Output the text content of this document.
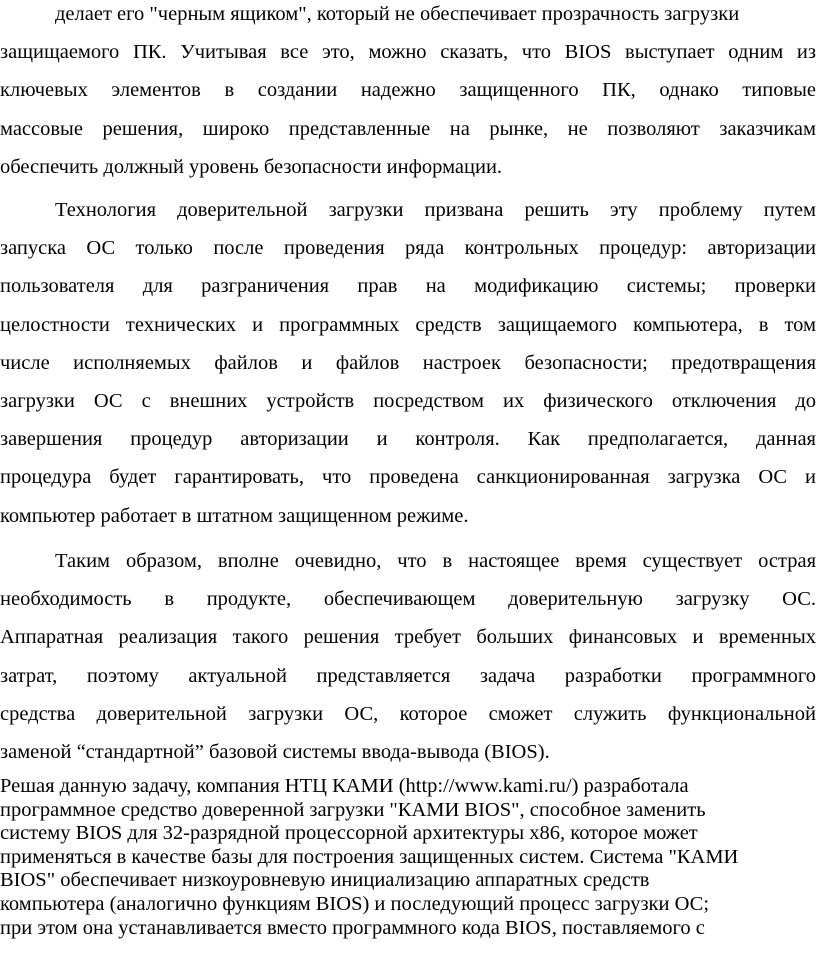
делает его "черным ящиком", который не обеспечивает прозрачность загрузки
защищаемого ПК. Учитывая все это, можно сказать, что BIOS выступает одним из
ключевых элементов в создании надежно защищенного ПК, однако типовые
массовые решения, широко представленные на рынке, не позволяют заказчикам
обеспечить должный уровень безопасности информации.
Технология доверительной загрузки призвана решить эту проблему путем
запуска ОС только после проведения ряда контрольных процедур: авторизации
пользователя для разграничения прав на модификацию системы; проверки
целостности технических и программных средств защищаемого компьютера, в том
числе исполняемых файлов и файлов настроек безопасности; предотвращения
загрузки ОС с внешних устройств посредством их физического отключения до
завершения процедур авторизации и контроля. Как предполагается, данная
процедура будет гарантировать, что проведена санкционированная загрузка ОС и
компьютер работает в штатном защищенном режиме.
Таким образом, вполне очевидно, что в настоящее время существует острая
необходимость в продукте, обеспечивающем доверительную загрузку ОС.
Аппаратная реализация такого решения требует больших финансовых и временных
затрат, поэтому актуальной представляется задача разработки программного
средства доверительной загрузки ОС, которое сможет служить функциональной
заменой “стандартной” базовой системы ввода-вывода (BIOS).
Решая данную задачу, компания НТЦ КАМИ (http://www.kami.ru/) разработала
программное средство доверенной загрузки "КАМИ BIOS", способное заменить
систему BIOS для 32-разрядной процессорной архитектуры x86, которое может
применяться в качестве базы для построения защищенных систем. Система "КАМИ
BIOS" обеспечивает низкоуровневую инициализацию аппаратных средств
компьютера (аналогично функциям BIOS) и последующий процесс загрузки ОС;
при этом она устанавливается вместо программного кода BIOS, поставляемого с
